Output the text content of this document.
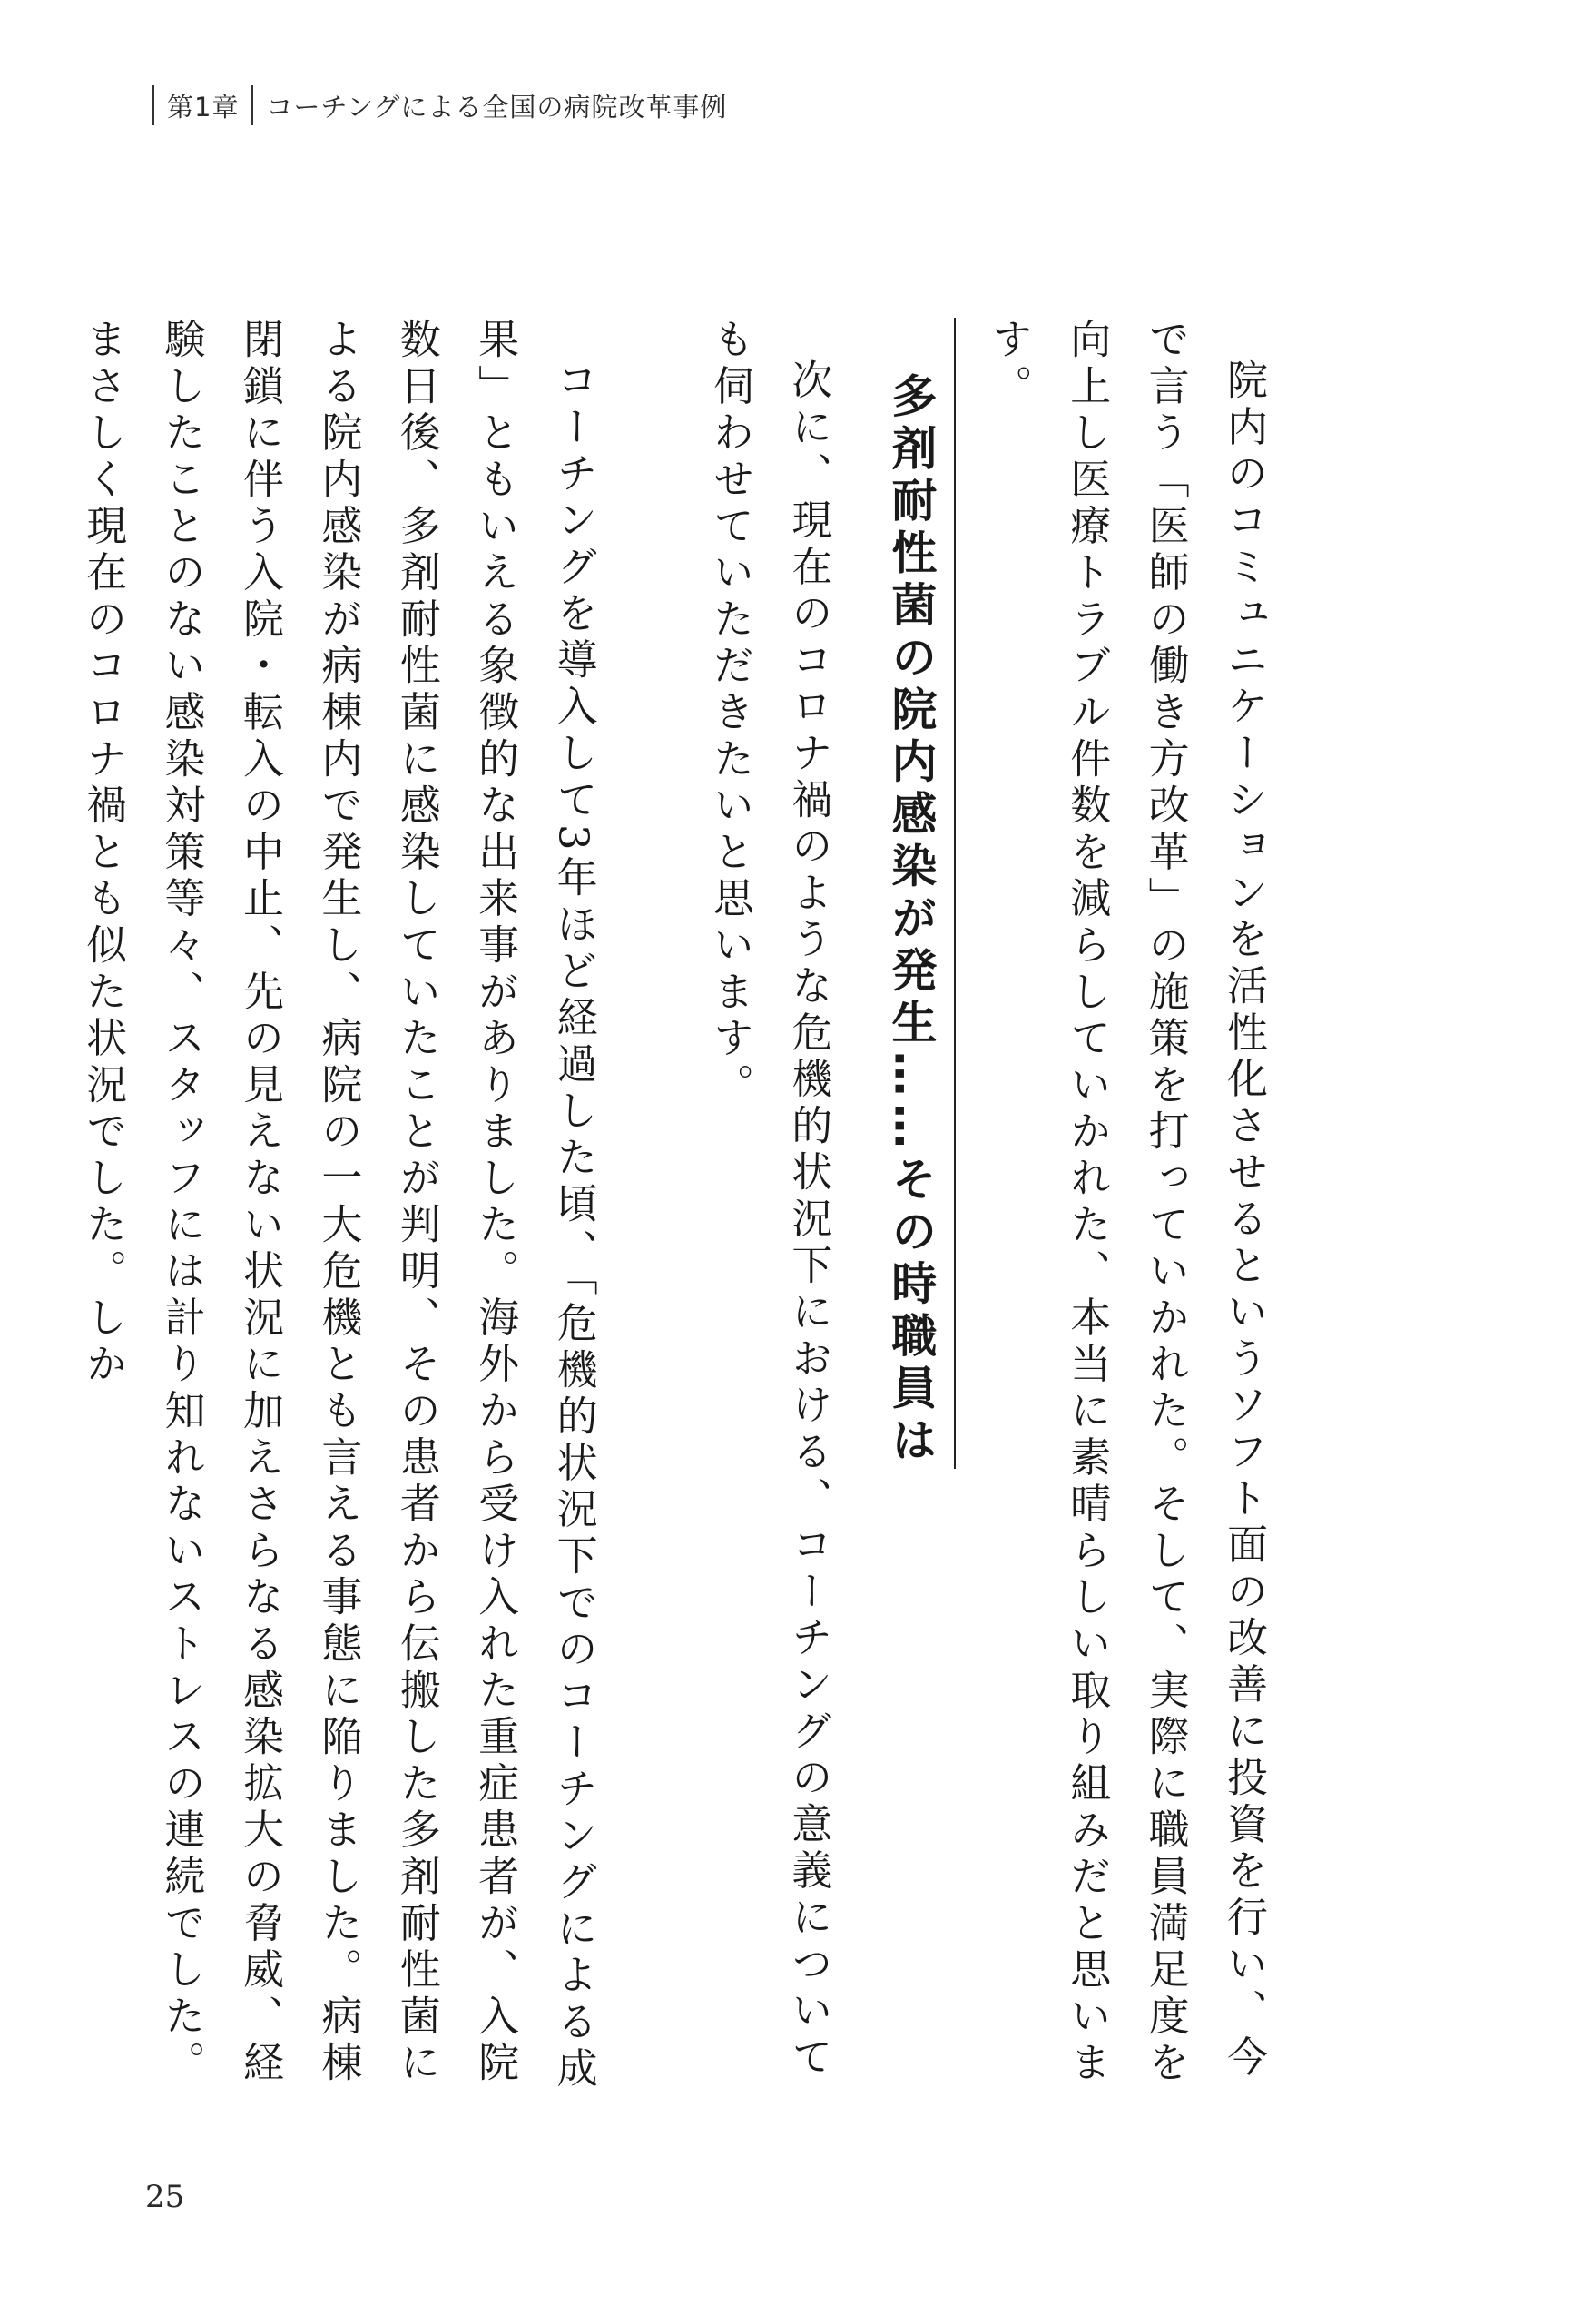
第1章 コーチングによる全国の病院改革事例

院内のコミュニケーションを活性化させるというソフト面の改善に投資を行い、今で言う「医師の働き方改革」の施策を打っていかれた。そして、実際に職員満足度を向上し医療トラブル件数を減らしていかれた、本当に素晴らしい取り組みだと思います。

多剤耐性菌の院内感染が発生……その時職員は

次に、現在のコロナ禍のような危機的状況下における、コーチングの意義についても伺わせていただきたいと思います。

コーチングを導入して3年ほど経過した頃、「危機的状況下でのコーチングによる成果」ともいえる象徴的な出来事がありました。海外から受け入れた重症患者が、入院数日後、多剤耐性菌に感染していたことが判明、その患者から伝搬した多剤耐性菌による院内感染が病棟内で発生し、病院の一大危機とも言える事態に陥りました。病棟閉鎖に伴う入院・転入の中止、先の見えない状況に加えさらなる感染拡大の脅威、経験したことのない感染対策等々、スタッフには計り知れないストレスの連続でした。まさしく現在のコロナ禍とも似た状況でした。しか

25
